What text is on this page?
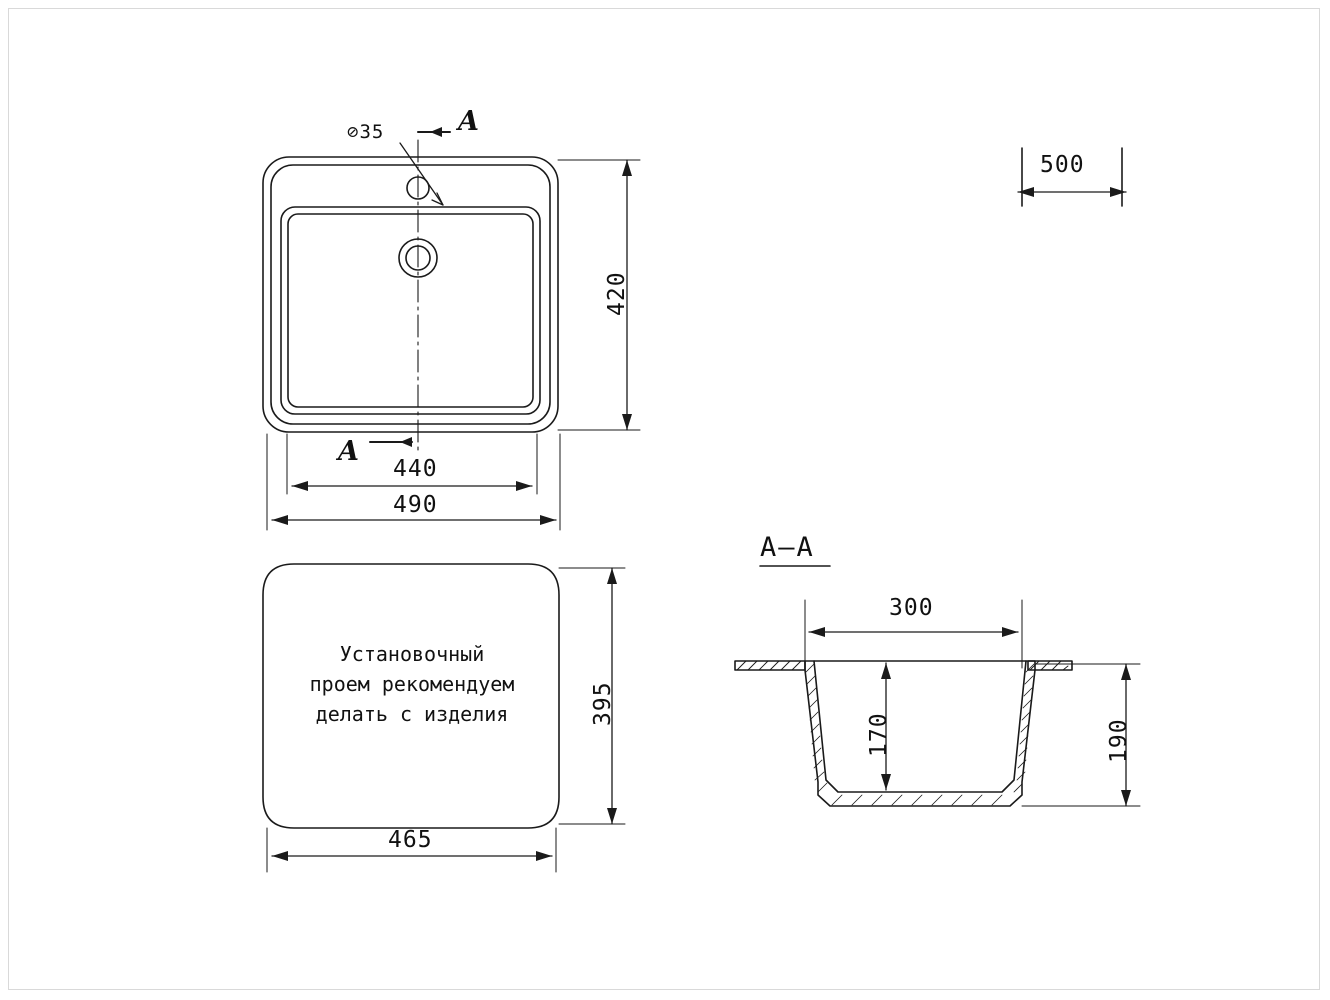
⊘35	A
A
420
440
490
Установочный
проем рекомендуем
делать с изделия	395
465
A–A
300
170	190
500
